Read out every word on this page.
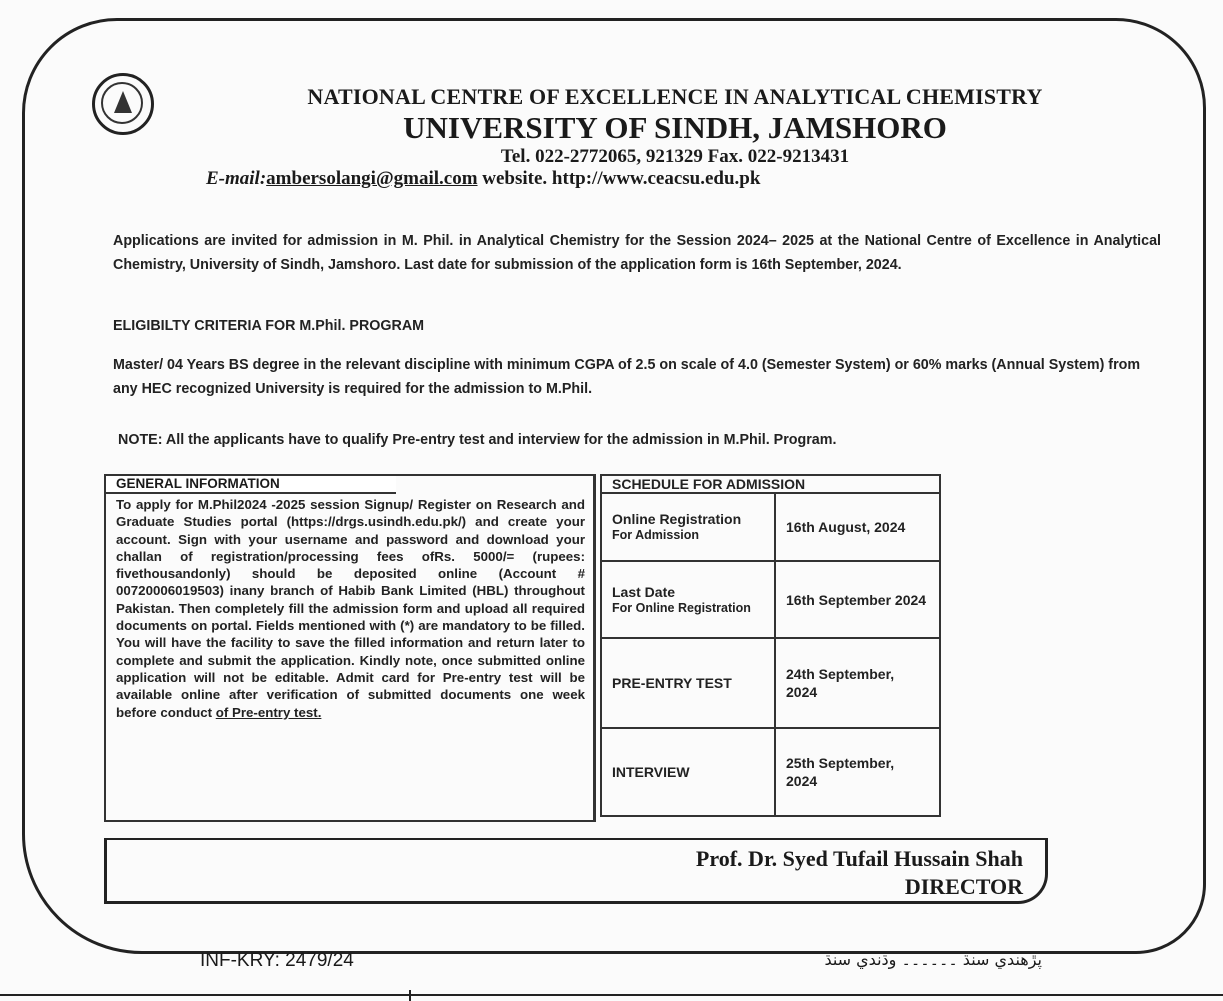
NATIONAL CENTRE OF EXCELLENCE IN ANALYTICAL CHEMISTRY
UNIVERSITY OF SINDH, JAMSHORO
Tel. 022-2772065, 921329 Fax. 022-9213431
E-mail:ambersolangi@gmail.com website. http://www.ceacsu.edu.pk
Applications are invited for admission in M. Phil. in Analytical Chemistry for the Session 2024– 2025 at the National Centre of Excellence in Analytical Chemistry, University of Sindh, Jamshoro. Last date for submission of the application form is 16th September, 2024.
ELIGIBILTY CRITERIA FOR M.Phil. PROGRAM
Master/ 04 Years BS degree in the relevant discipline with minimum CGPA of 2.5 on scale of 4.0 (Semester System) or 60% marks (Annual System) from any HEC recognized University is required for the admission to M.Phil.
NOTE: All the applicants have to qualify Pre-entry test and interview for the admission in M.Phil. Program.
GENERAL INFORMATION
To apply for M.Phil2024 -2025 session Signup/ Register on Research and Graduate Studies portal (https://drgs.usindh.edu.pk/) and create your account. Sign with your username and password and download your challan of registration/processing fees ofRs. 5000/= (rupees: fivethousandonly) should be deposited online (Account # 00720006019503) inany branch of Habib Bank Limited (HBL) throughout Pakistan. Then completely fill the admission form and upload all required documents on portal. Fields mentioned with (*) are mandatory to be filled. You will have the facility to save the filled information and return later to complete and submit the application. Kindly note, once submitted online application will not be editable. Admit card for Pre-entry test will be available online after verification of submitted documents one week before conduct of Pre-entry test.
SCHEDULE FOR ADMISSION	

Online Registration
For Admission	16th August, 2024

Last Date
For Online Registration	16th September 2024

PRE-ENTRY TEST	24th September, 2024

INTERVIEW	25th September, 2024
Prof. Dr. Syed Tufail Hussain Shah
DIRECTOR
INF-KRY: 2479/24	پڙهندي سنڌ ۔۔۔۔۔۔ وڌندي سنڌ
